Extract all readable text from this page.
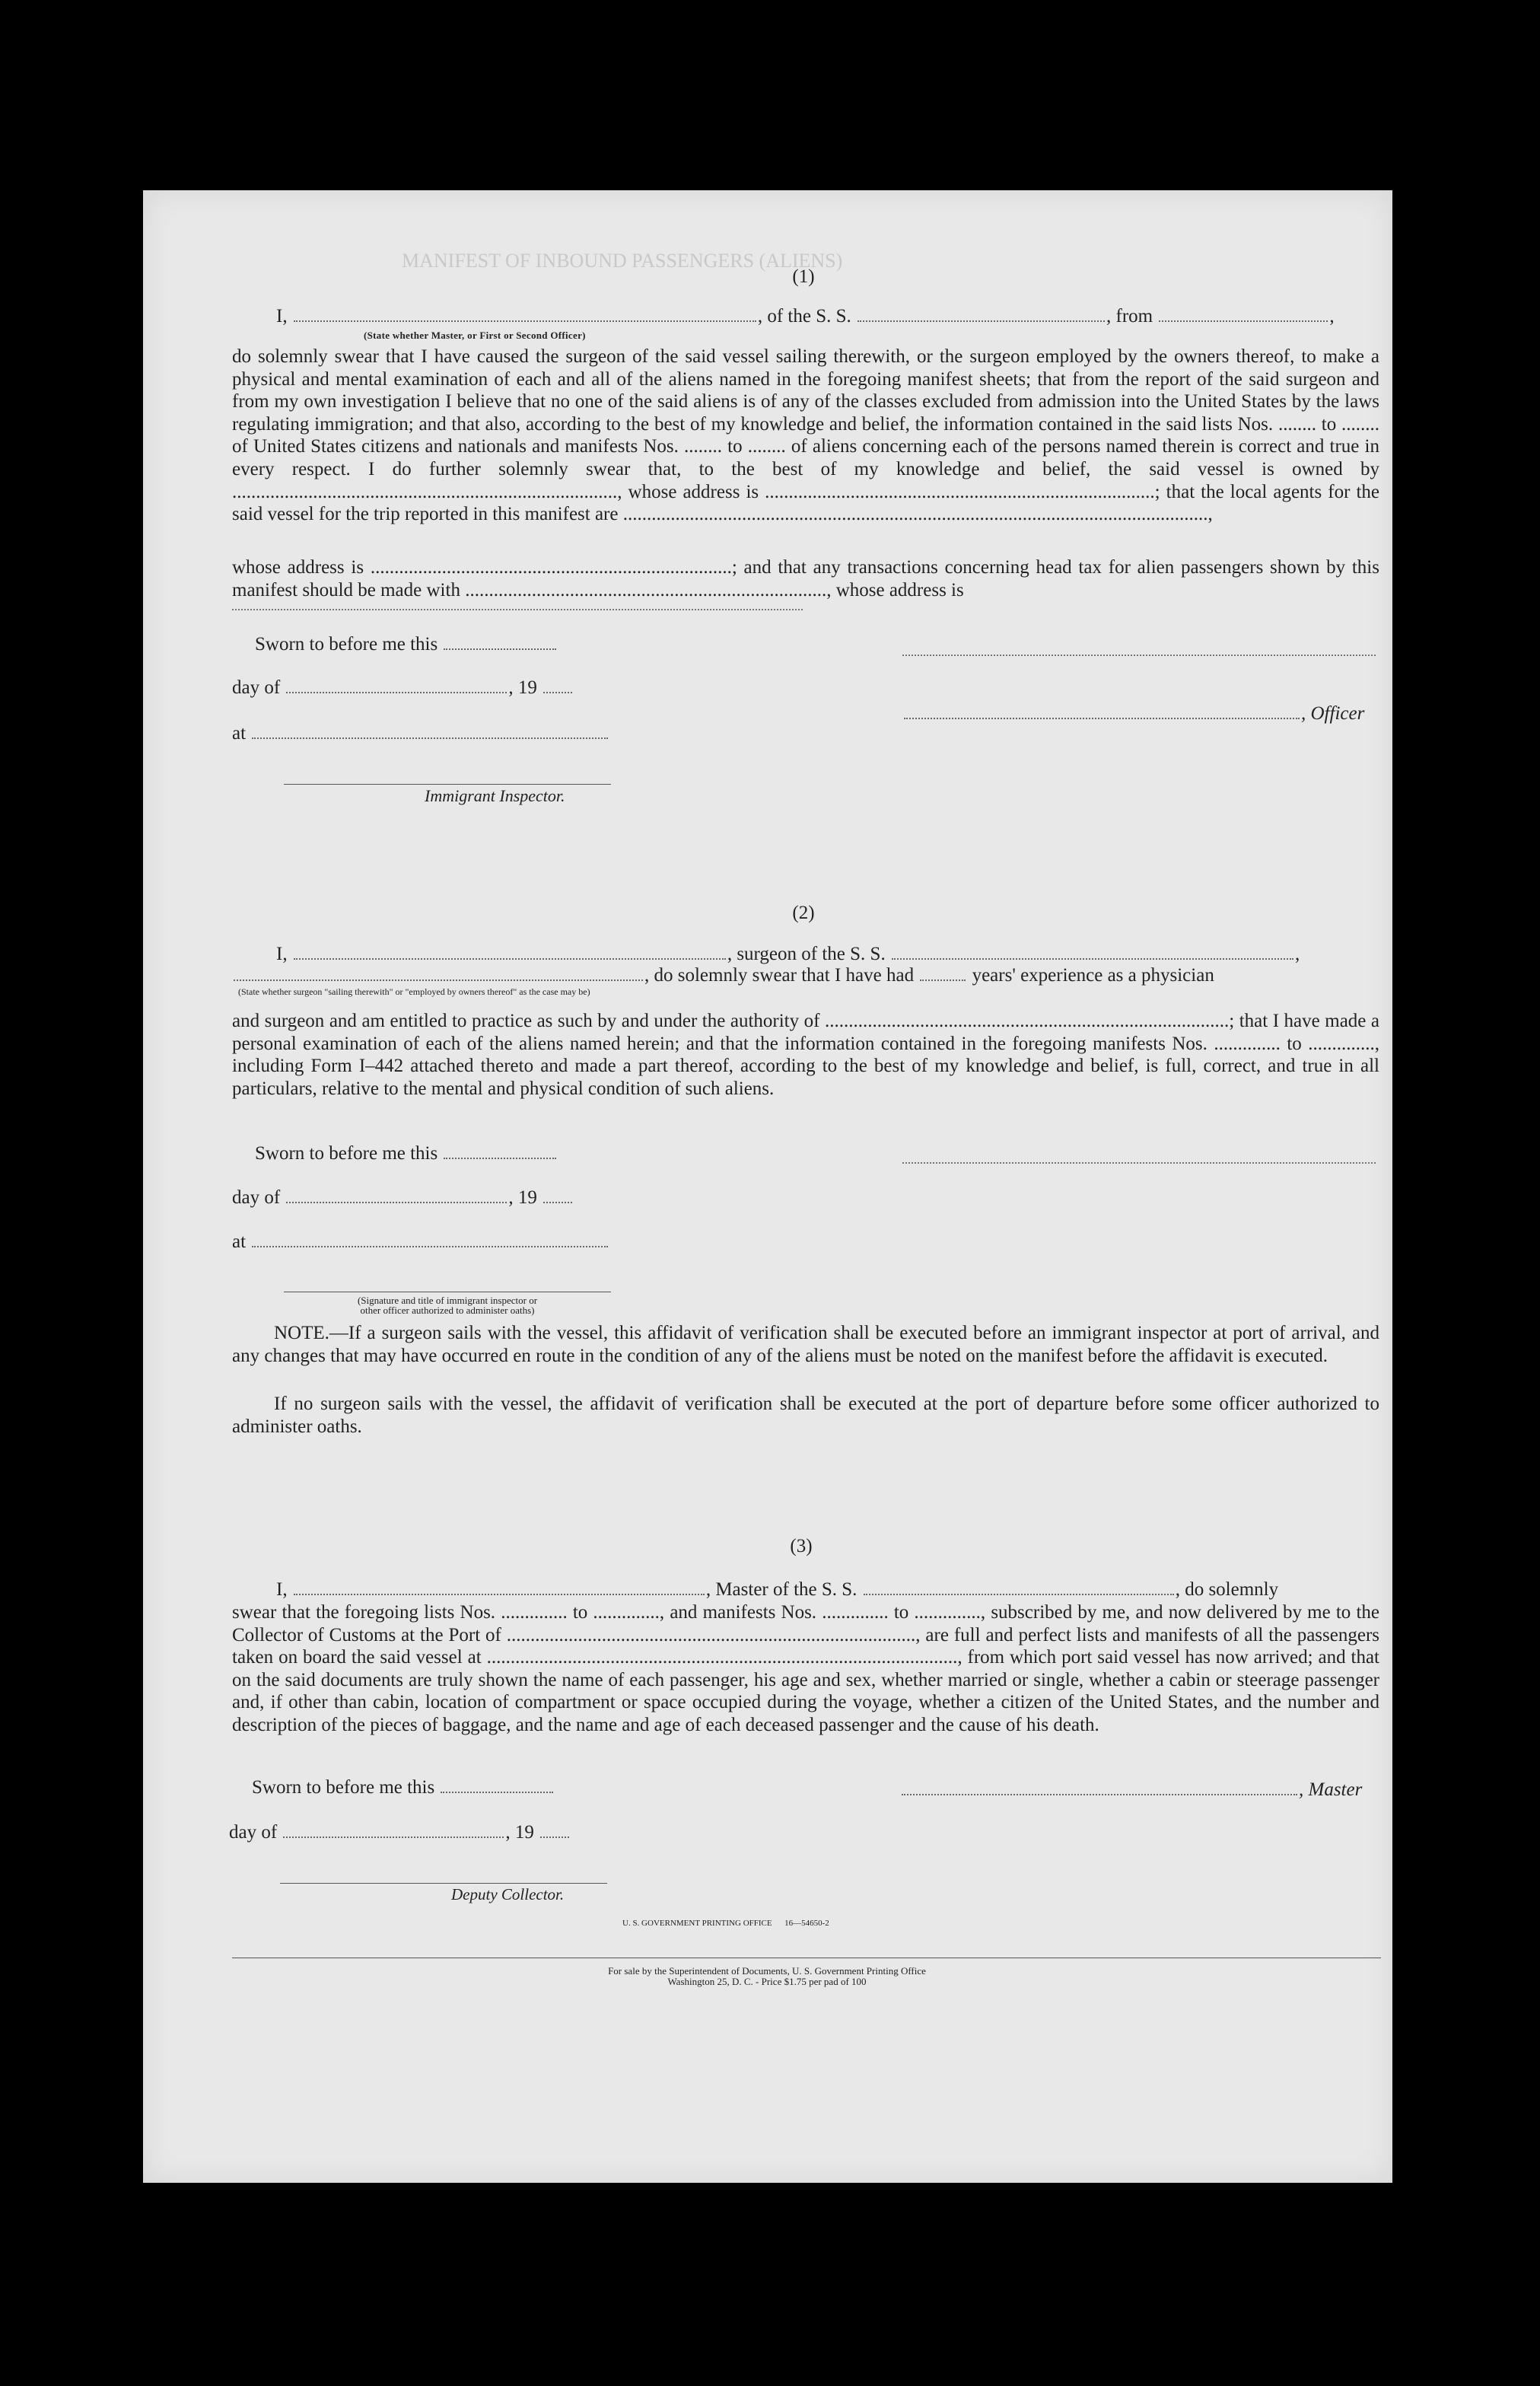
MANIFEST OF INBOUND PASSENGERS (ALIENS)
(1)
I,	, of the S. S.	, from	,
(State whether Master, or First or Second Officer)
do solemnly swear that I have caused the surgeon of the said vessel sailing therewith, or the surgeon employed by the owners thereof, to make a physical and mental examination of each and all of the aliens named in the foregoing manifest sheets; that from the report of the said surgeon and from my own investigation I believe that no one of the said aliens is of any of the classes excluded from admission into the United States by the laws regulating immigration; and that also, according to the best of my knowledge and belief, the information contained in the said lists Nos. ........ to ........ of United States citizens and nationals and manifests Nos. ........ to ........ of aliens concerning each of the persons named therein is correct and true in every respect. I do further solemnly swear that, to the best of my knowledge and belief, the said vessel is owned by ................................................................................., whose address is ..................................................................................; that the local agents for the said vessel for the trip reported in this manifest are ...........................................................................................................................,
whose address is ............................................................................; and that any transactions concerning head tax for alien passengers shown by this manifest should be made with ............................................................................, whose address is
Sworn to before me this
day of	, 19
, Officer
at
Immigrant Inspector.
(2)
I,	, surgeon of the S. S.	,
, do solemnly swear that I have had	years' experience as a physician
(State whether surgeon "sailing therewith" or "employed by owners thereof" as the case may be)
and surgeon and am entitled to practice as such by and under the authority of .....................................................................................; that I have made a personal examination of each of the aliens named herein; and that the information contained in the foregoing manifests Nos. .............. to .............., including Form I–442 attached thereto and made a part thereof, according to the best of my knowledge and belief, is full, correct, and true in all particulars, relative to the mental and physical condition of such aliens.
Sworn to before me this
day of	, 19
at
(Signature and title of immigrant inspector or
other officer authorized to administer oaths)
NOTE.—If a surgeon sails with the vessel, this affidavit of verification shall be executed before an immigrant inspector at port of arrival, and any changes that may have occurred en route in the condition of any of the aliens must be noted on the manifest before the affidavit is executed.
If no surgeon sails with the vessel, the affidavit of verification shall be executed at the port of departure before some officer authorized to administer oaths.
(3)
I,	, Master of the S. S.	, do solemnly
swear that the foregoing lists Nos. .............. to .............., and manifests Nos. .............. to .............., subscribed by me, and now delivered by me to the Collector of Customs at the Port of ......................................................................................, are full and perfect lists and manifests of all the passengers taken on board the said vessel at ..................................................................................................., from which port said vessel has now arrived; and that on the said documents are truly shown the name of each passenger, his age and sex, whether married or single, whether a cabin or steerage passenger and, if other than cabin, location of compartment or space occupied during the voyage, whether a citizen of the United States, and the number and description of the pieces of baggage, and the name and age of each deceased passenger and the cause of his death.
Sworn to before me this	, Master
day of	, 19
Deputy Collector.
U. S. GOVERNMENT PRINTING OFFICE      16—54650-2
For sale by the Superintendent of Documents, U. S. Government Printing Office
Washington 25, D. C. - Price $1.75 per pad of 100
